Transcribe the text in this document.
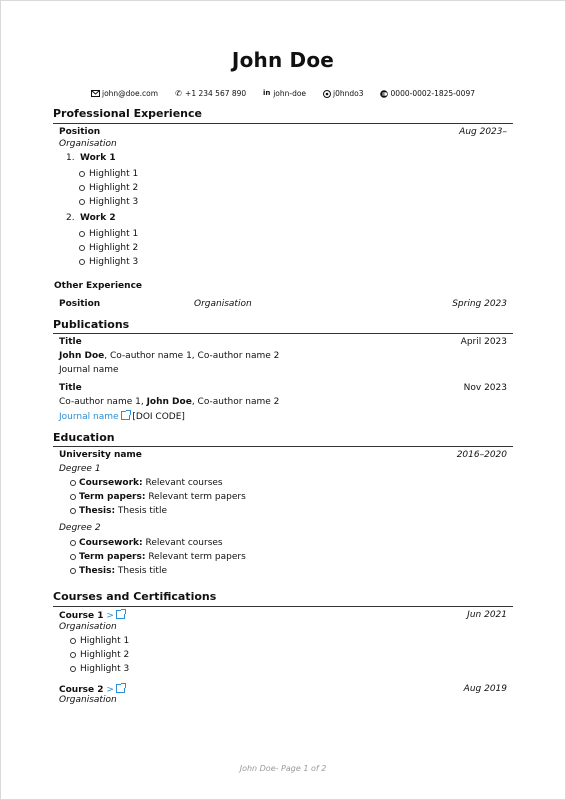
John Doe
john@doe.com ✆ +1 234 567 890 in john-doe	j0hndo3	0000-0002-1825-0097
Professional Experience
Position	Aug 2023–
Organisation
1. Work 1
Highlight 1
Highlight 2
Highlight 3
2. Work 2
Highlight 1
Highlight 2
Highlight 3
Other Experience
Position	Organisation	Spring 2023
Publications
Title	April 2023
John Doe, Co-author name 1, Co-author name 2
Journal name
Title	Nov 2023
Co-author name 1, John Doe, Co-author name 2
Journal name [DOI CODE]
Education
University name	2016–2020
Degree 1
Coursework: Relevant courses
Term papers: Relevant term papers
Thesis: Thesis title
Degree 2
Coursework: Relevant courses
Term papers: Relevant term papers
Thesis: Thesis title
Courses and Certifications
Course 1 >	Jun 2021
Organisation
Highlight 1
Highlight 2
Highlight 3
Course 2 >	Aug 2019
Organisation
John Doe- Page 1 of 2
